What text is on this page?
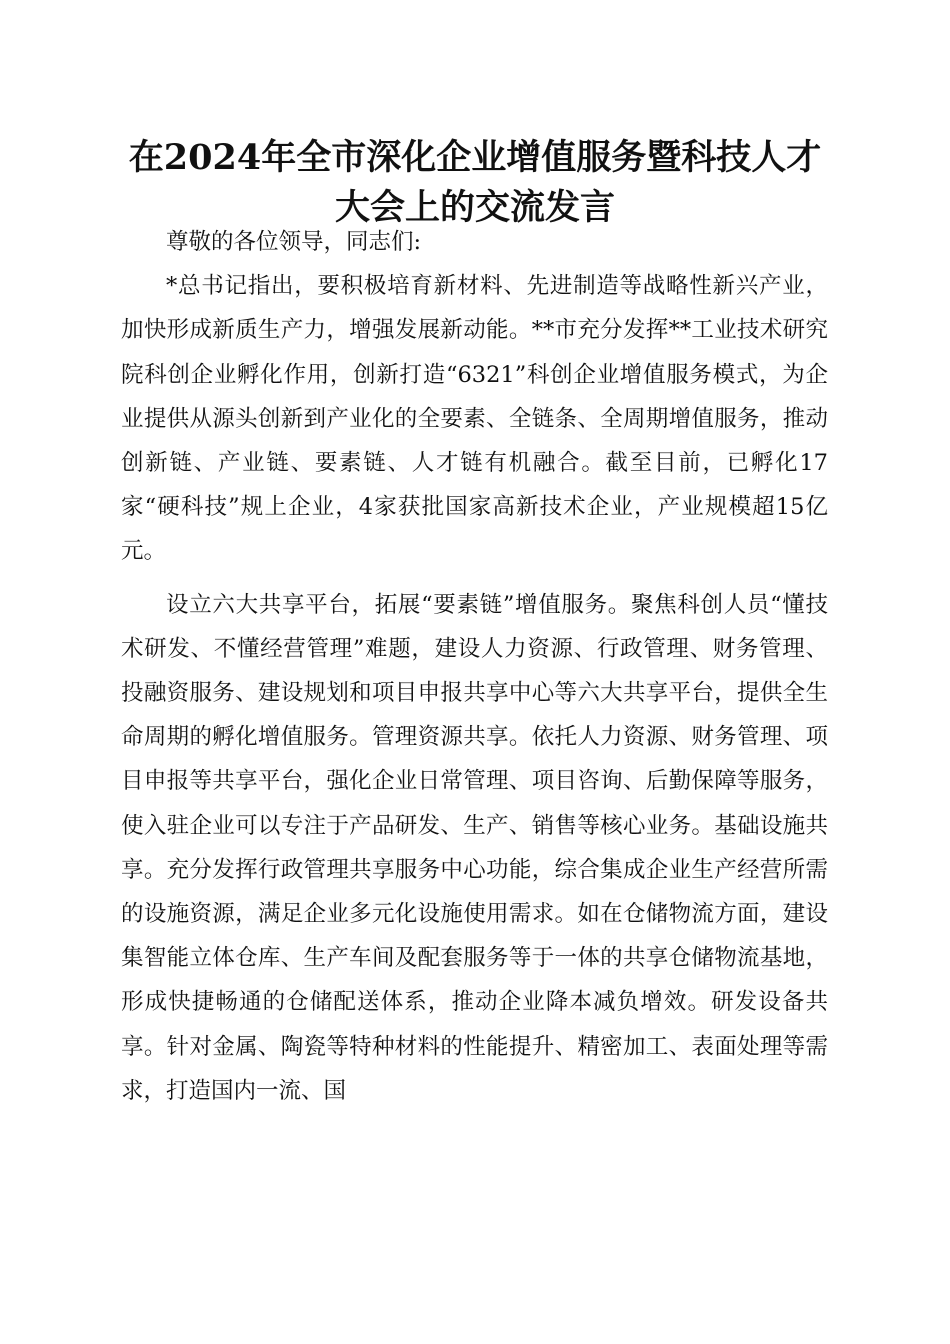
在2024年全市深化企业增值服务暨科技人才
大会上的交流发言

尊敬的各位领导，同志们:

*总书记指出，要积极培育新材料、先进制造等战略性新兴产业，加快形成新质生产力，增强发展新动能。**市充分发挥**工业技术研究院科创企业孵化作用，创新打造“6321”科创企业增值服务模式，为企业提供从源头创新到产业化的全要素、全链条、全周期增值服务，推动创新链、产业链、要素链、人才链有机融合。截至目前，已孵化17家“硬科技”规上企业，4家获批国家高新技术企业，产业规模超15亿元。

设立六大共享平台，拓展“要素链”增值服务。聚焦科创人员“懂技术研发、不懂经营管理”难题，建设人力资源、行政管理、财务管理、投融资服务、建设规划和项目申报共享中心等六大共享平台，提供全生命周期的孵化增值服务。管理资源共享。依托人力资源、财务管理、项目申报等共享平台，强化企业日常管理、项目咨询、后勤保障等服务，使入驻企业可以专注于产品研发、生产、销售等核心业务。基础设施共享。充分发挥行政管理共享服务中心功能，综合集成企业生产经营所需的设施资源，满足企业多元化设施使用需求。如在仓储物流方面，建设集智能立体仓库、生产车间及配套服务等于一体的共享仓储物流基地，形成快捷畅通的仓储配送体系，推动企业降本减负增效。研发设备共享。针对金属、陶瓷等特种材料的性能提升、精密加工、表面处理等需求，打造国内一流、国
